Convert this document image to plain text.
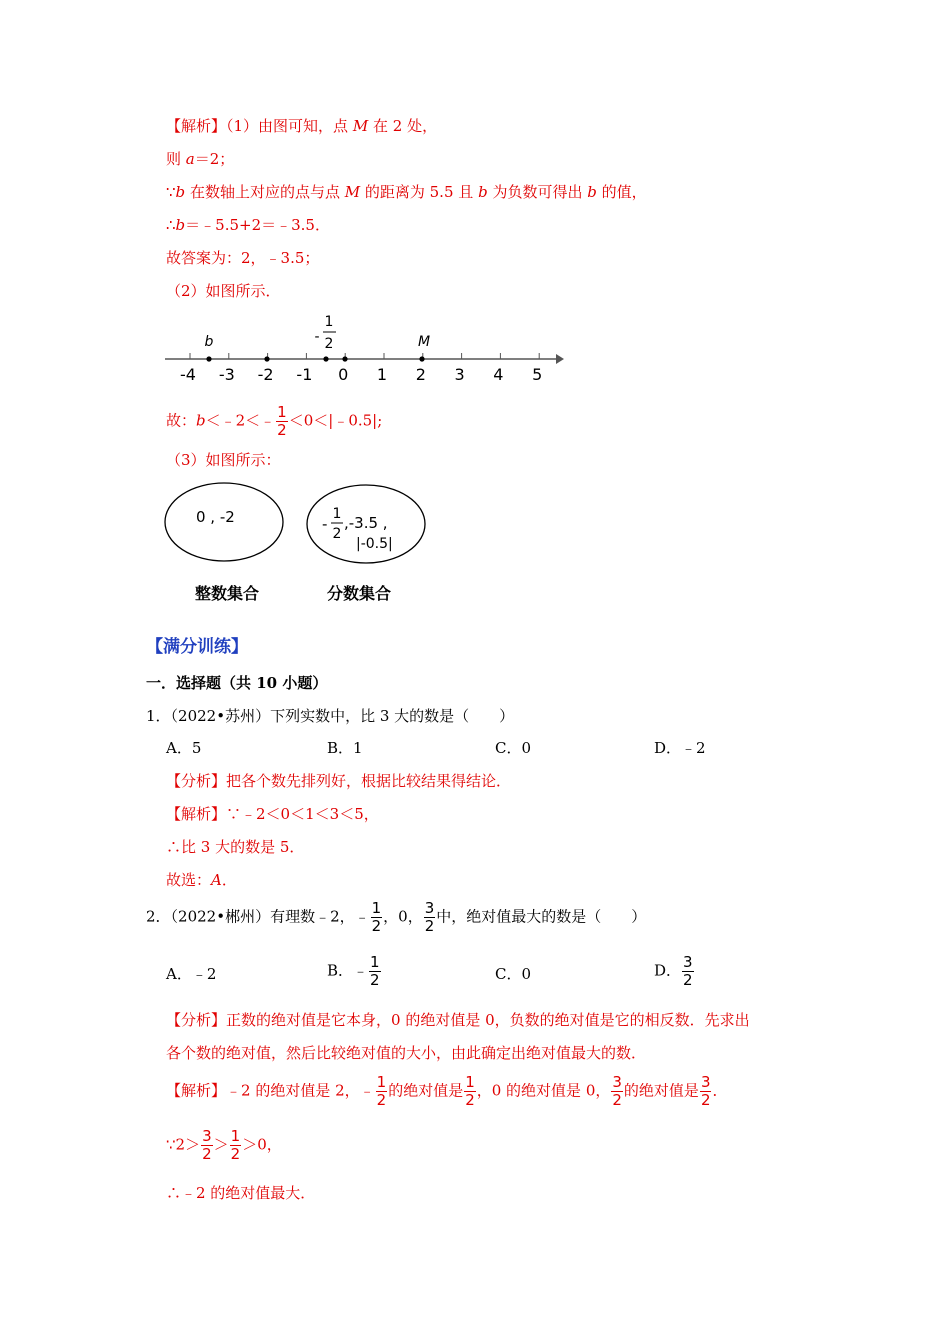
【解析】（1）由图可知，点 M 在 2 处，
则 a＝2；
∵b 在数轴上对应的点与点 M 的距离为 5.5 且 b 为负数可得出 b 的值，
∴b＝﹣5.5+2＝﹣3.5．
故答案为：2，﹣3.5；
（2）如图所示．
-4 -3 -2 -1 0 1 2 3 4 5
b	M
-
1
2
故：b＜﹣2＜﹣ $\frac{1}{2}$ ＜0＜|﹣0.5|;
（3）如图所示：
0 , -2	-
1
2
,-3.5 ,
|-0.5|
整数集合	分数集合
【满分训练】
一．选择题（共 10 小题）
1．（2022•苏州）下列实数中，比 3 大的数是（　　）
A．5	B．1	C．0	D．﹣2
【分析】把各个数先排列好，根据比较结果得结论．
【解析】∵﹣2＜0＜1＜3＜5，
∴比 3 大的数是 5．
故选：A．
2．（2022•郴州）有理数﹣2，﹣ $\frac{1}{2}$ ，0， $\frac{3}{2}$ 中，绝对值最大的数是（　　）
A．﹣2	B．﹣ $\frac{1}{2}$	C．0	D． $\frac{3}{2}$
【分析】正数的绝对值是它本身，0 的绝对值是 0，负数的绝对值是它的相反数．先求出
各个数的绝对值，然后比较绝对值的大小，由此确定出绝对值最大的数．
【解析】﹣2 的绝对值是 2，﹣ $\frac{1}{2}$ 的绝对值是 $\frac{1}{2}$ ，0 的绝对值是 0， $\frac{3}{2}$ 的绝对值是 $\frac{3}{2}$ ．
∵2＞ $\frac{3}{2} > \frac{1}{2} >0$，
∴﹣2 的绝对值最大．
